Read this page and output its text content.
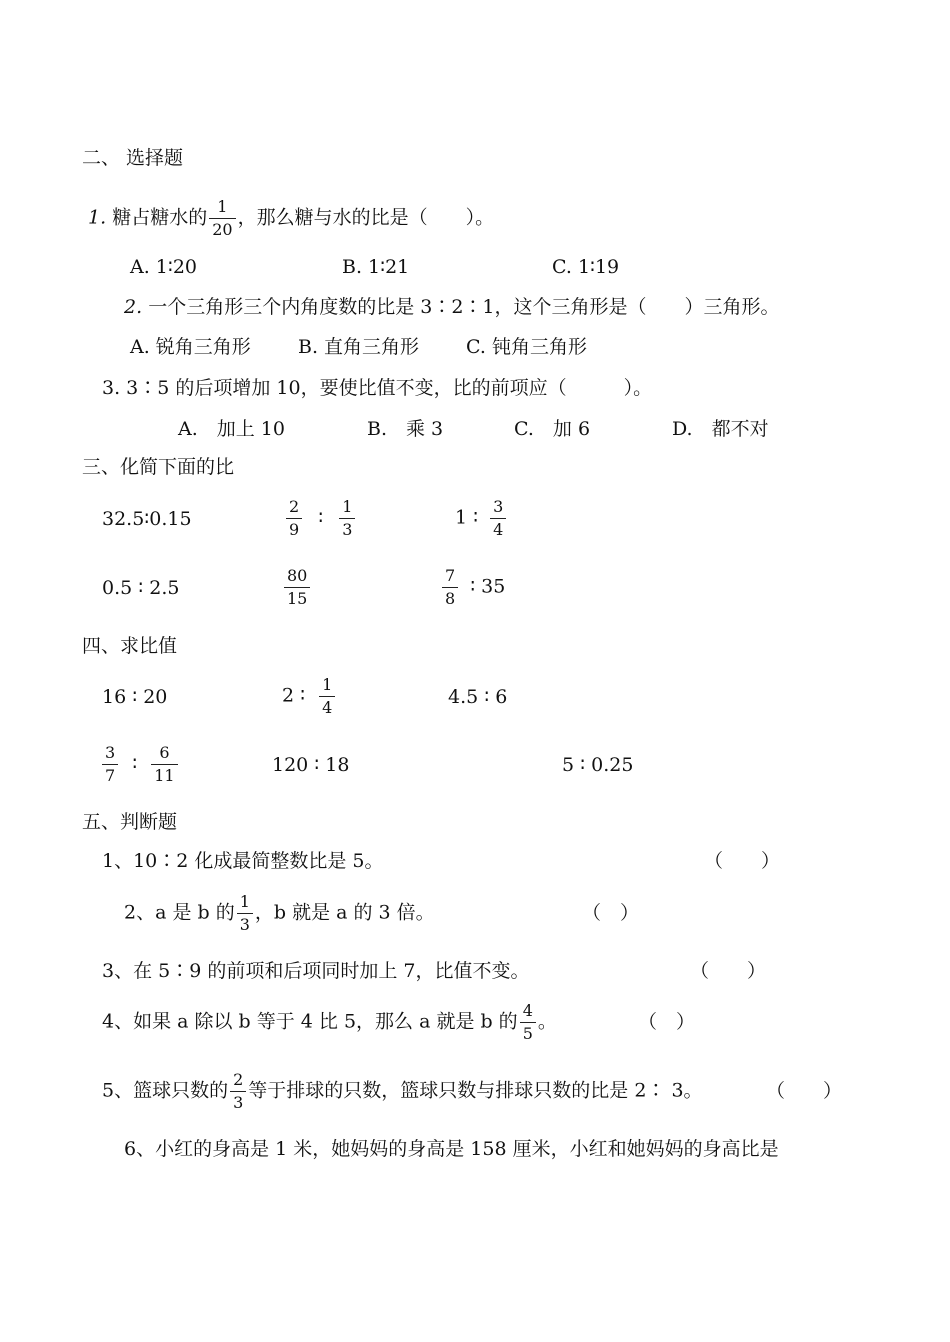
二、 选择题
1. 糖占糖水的 $\frac{1}{20}$ ，那么糖与水的比是（　　）。
A. 1∶20	B. 1∶21	C. 1∶19
2. 一个三角形三个内角度数的比是 3∶2∶1，这个三角形是（　　）三角形。
A. 锐角三角形 B. 直角三角形 C. 钝角三角形
3. 3∶5 的后项增加 10，要使比值不变，比的前项应（　　　）。
A.　加上 10	B.　乘 3	C.　加 6	D.　都不对
三、化简下面的比
32.5∶0.15	$\frac{2}{9}$ ∶ $\frac{1}{3}$	1 ∶ $\frac{3}{4}$
0.5 ∶ 2.5	$\frac{80}{15}$	$\frac{7}{8}$ ∶ 35
四、求比值
16 ∶ 20	2 ∶ $\frac{1}{4}$	4.5 ∶ 6
$\frac{3}{7}$ ∶ $\frac{6}{11}$	120 ∶ 18	5 ∶ 0.25
五、判断题
1、10∶2 化成最简整数比是 5。	（　　）
2、a 是 b 的 $\frac{1}{3}$ ，b 就是 a 的 3 倍。	（　）
3、在 5∶9 的前项和后项同时加上 7，比值不变。	（　　）
4、如果 a 除以 b 等于 4 比 5，那么 a 就是 b 的 $\frac{4}{5}$ 。	（　）
5、篮球只数的 $\frac{2}{3}$ 等于排球的只数，篮球只数与排球只数的比是 2∶ 3。	（　　）
6、小红的身高是 1 米，她妈妈的身高是 158 厘米，小红和她妈妈的身高比是
